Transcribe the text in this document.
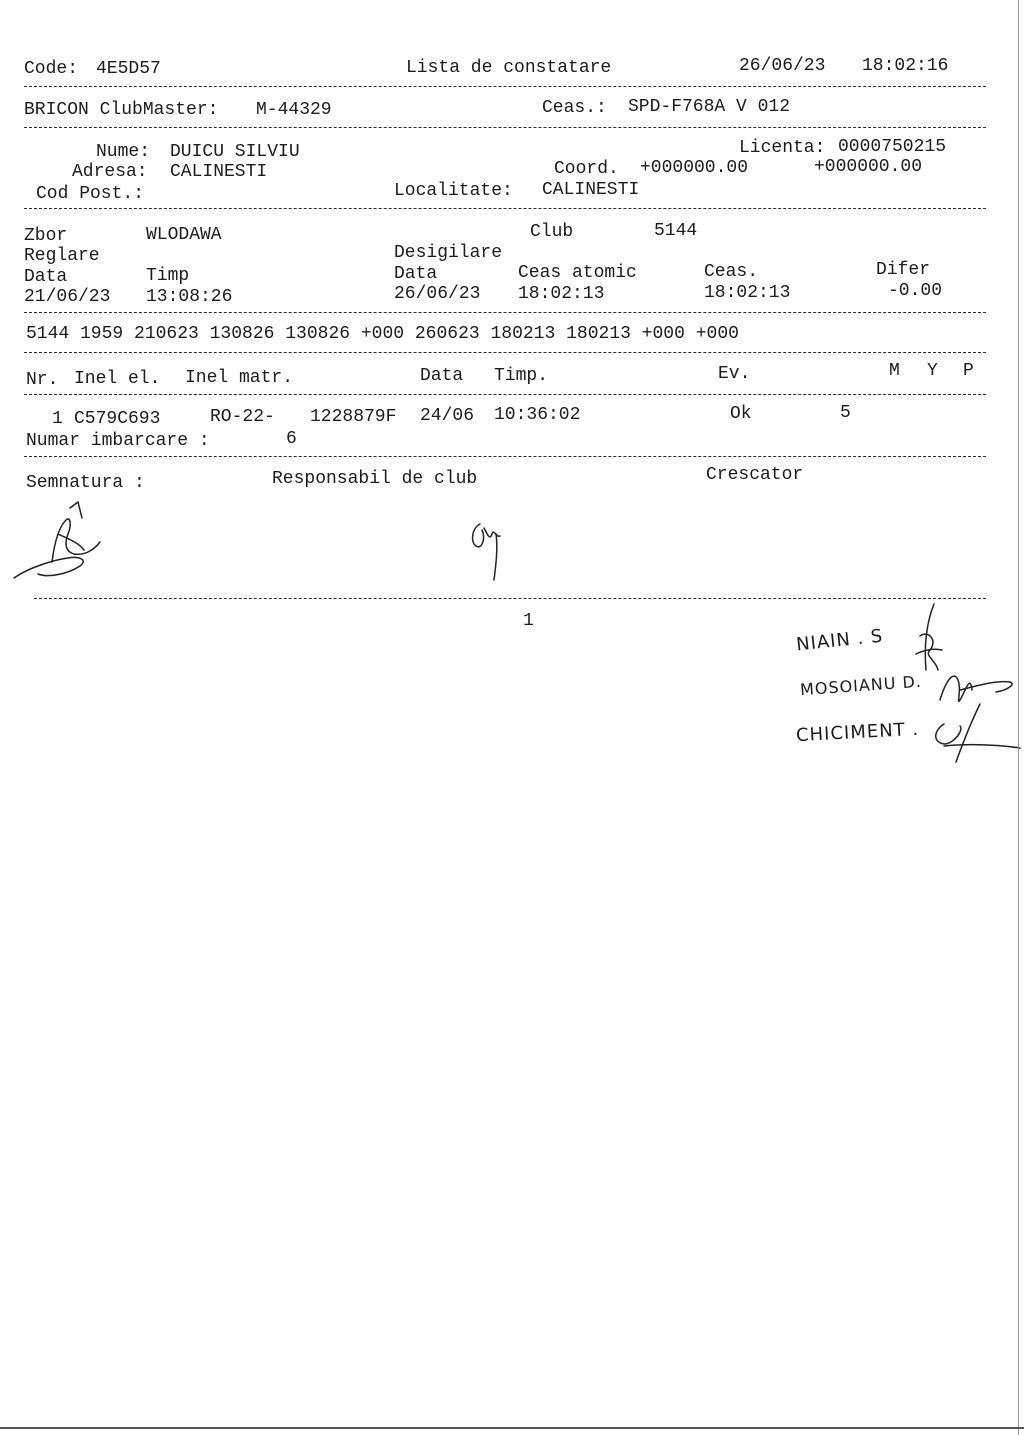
Code: 4E5D57	Lista de constatare	26/06/23 18:02:16
BRICON ClubMaster: M-44329	Ceas.: SPD-F768A V 012
Nume: DUICU SILVIU	Licenta: 0000750215
Adresa: CALINESTI	Coord. +000000.00	+000000.00
Cod Post.:	Localitate: CALINESTI
Zbor	WLODAWA	Club	5144
Reglare	Desigilare
Data	Timp	Data	Ceas atomic	Ceas.	Difer
21/06/23 13:08:26	26/06/23 18:02:13	18:02:13	-0.00
5144 1959 210623 130826 130826 +000 260623 180213 180213 +000 +000
Nr. Inel el. Inel matr.	Data Timp.	Ev.	M Y P
1 C579C693	RO-22- 1228879F 24/06 10:36:02	Ok	5
Numar imbarcare :	6
Semnatura :	Responsabil de club	Crescator
1
NIAIN . S
MOSOIANU D.
CHICIMENT .
